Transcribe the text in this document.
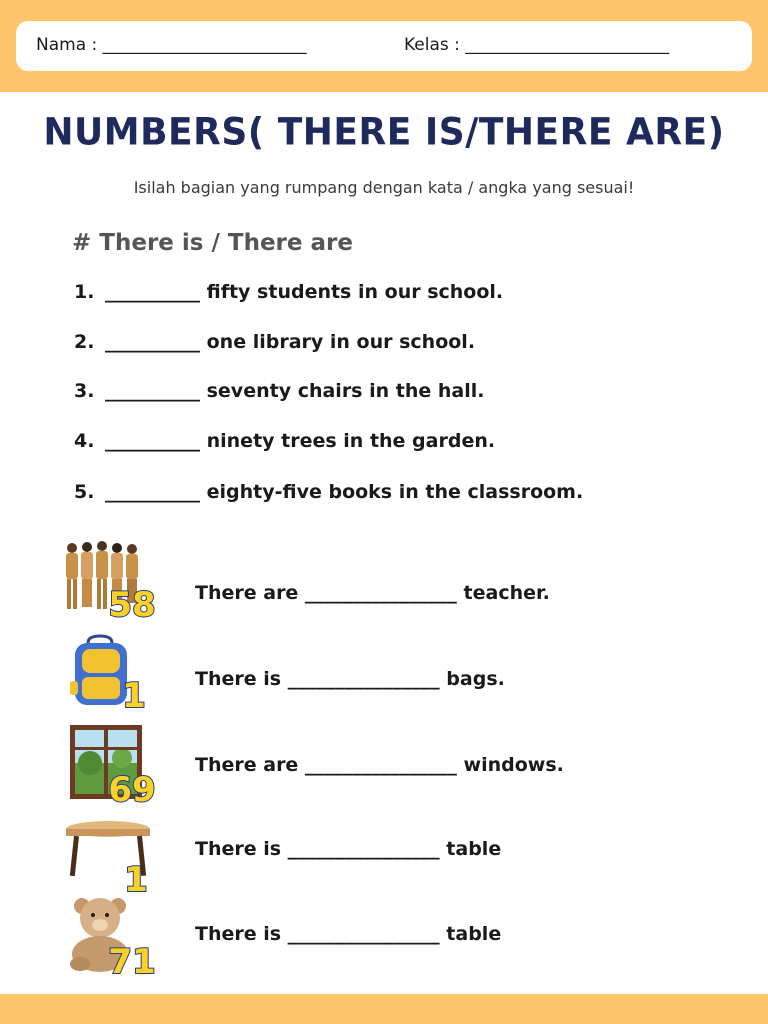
Nama : ________________________	Kelas : ________________________
NUMBERS( THERE IS/THERE ARE)
Isilah bagian yang rumpang dengan kata / angka yang sesuai!
# There is / There are
1. __________ fifty students in our school.
2. __________ one library in our school.
3. __________ seventy chairs in the hall.
4. __________ ninety trees in the garden.
5. __________ eighty-five books in the classroom.
58 There are ________________ teacher.
1	There is ________________ bags.
69
There are ________________ windows.
1
There is ________________ table
71
There is ________________ table
